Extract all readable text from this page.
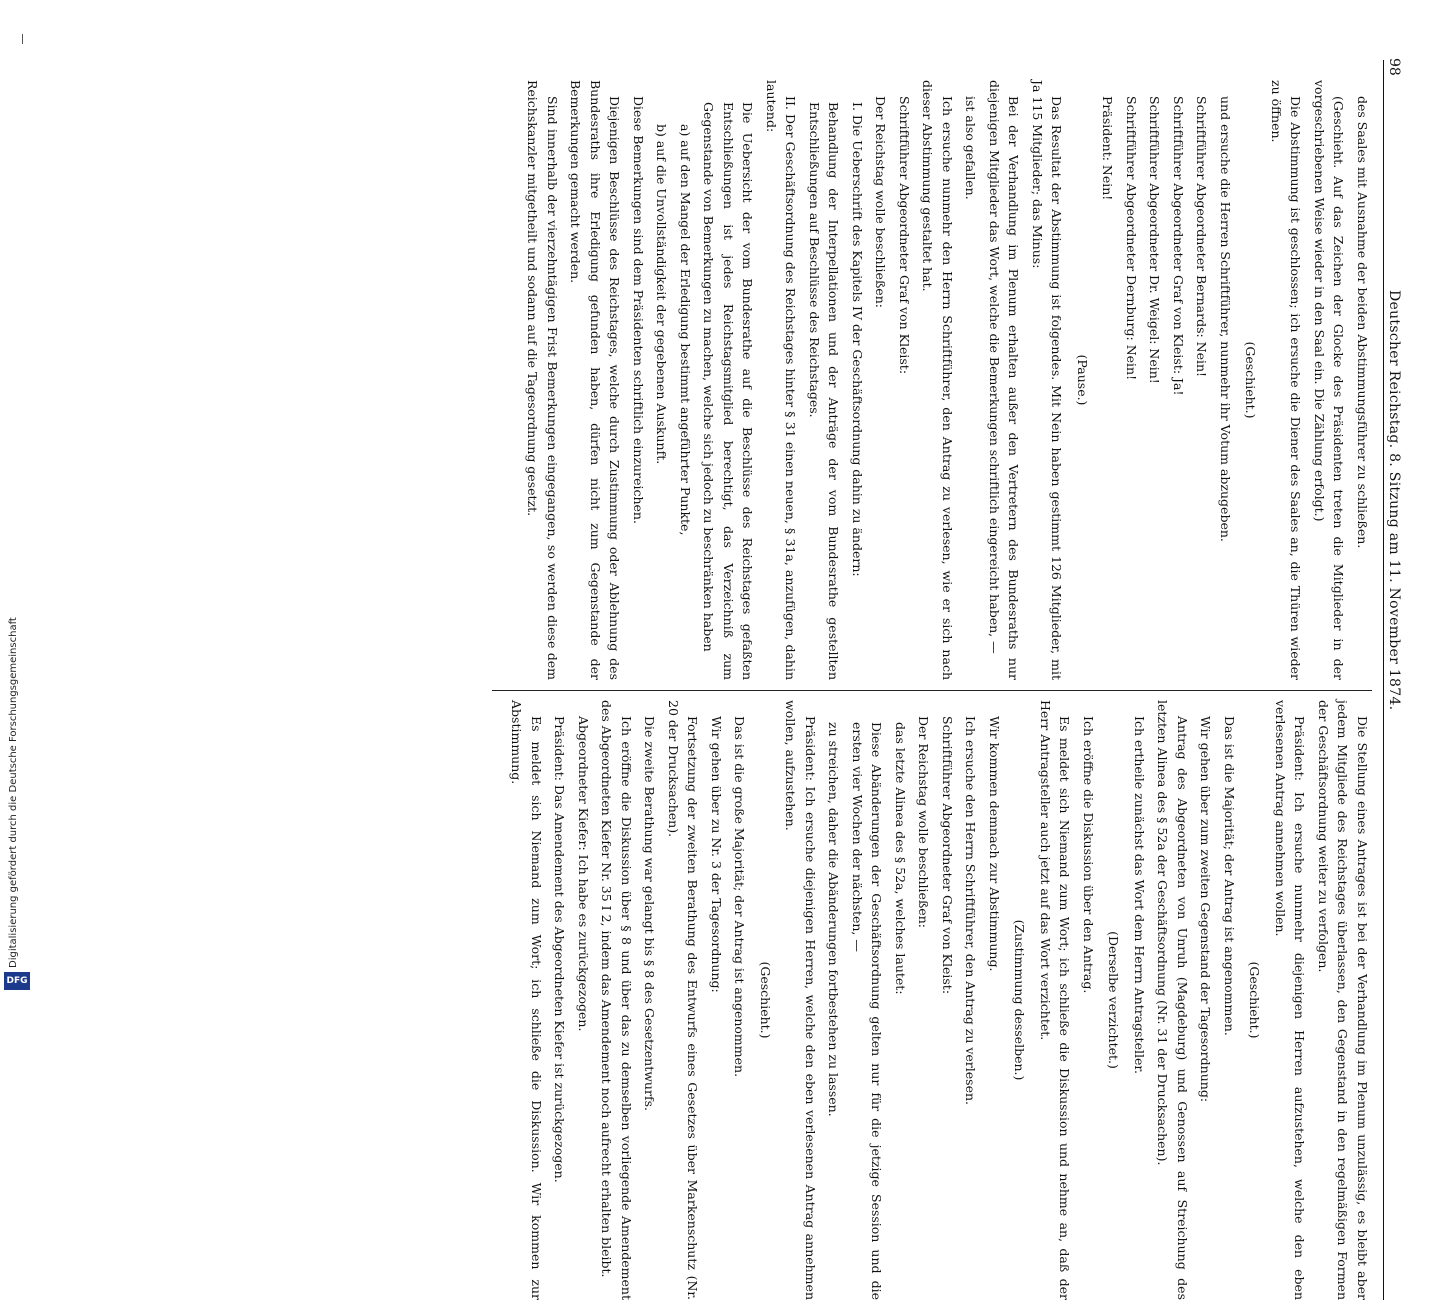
98
Deutscher Reichstag. 8. Sitzung am 11. November 1874.

des Saales mit Ausnahme der beiden Abstimmungsführer zu schließen.

(Geschieht. Auf das Zeichen der Glocke des Präsidenten treten die Mitglieder in der vorgeschriebenen Weise wieder in den Saal ein. Die Zählung erfolgt.)

Die Abstimmung ist geschlossen; ich ersuche die Diener des Saales an, die Thüren wieder zu öffnen.

(Geschieht.)

und ersuche die Herren Schriftführer, nunmehr ihr Votum abzugeben.

Schriftführer Abgeordneter Bernards: Nein!

Schriftführer Abgeordneter Graf von Kleist: Ja!

Schriftführer Abgeordneter Dr. Weigel: Nein!

Schriftführer Abgeordneter Dernburg: Nein!

Präsident: Nein!

(Pause.)

Das Resultat der Abstimmung ist folgendes. Mit Nein haben gestimmt 126 Mitglieder, mit Ja 115 Mitglieder; das Minus:

Bei der Verhandlung im Plenum erhalten außer den Vertretern des Bundesraths nur diejenigen Mitglieder das Wort, welche die Bemerkungen schriftlich eingereicht haben, —

ist also gefallen.

Ich ersuche nunmehr den Herrn Schriftführer, den Antrag zu verlesen, wie er sich nach dieser Abstimmung gestaltet hat.

Schriftführer Abgeordneter Graf von Kleist:

Der Reichstag wolle beschließen:

I. Die Ueberschrift des Kapitels IV der Geschäftsordnung dahin zu ändern:

Behandlung der Interpellationen und der Anträge der vom Bundesrathe gestellten Entschließungen auf Beschlüsse des Reichstages.

II. Der Geschäftsordnung des Reichstages hinter § 31 einen neuen, § 31a, anzufügen, dahin lautend:

Die Uebersicht der vom Bundesrathe auf die Beschlüsse des Reichstages gefaßten Entschließungen ist jedes Reichstagsmitglied berechtigt, das Verzeichniß zum Gegenstande von Bemerkungen zu machen, welche sich jedoch zu beschränken haben

a) auf den Mangel der Erledigung bestimmt angeführter Punkte,

b) auf die Unvollständigkeit der gegebenen Auskunft.

Diese Bemerkungen sind dem Präsidenten schriftlich einzureichen.

Diejenigen Beschlüsse des Reichstages, welche durch Zustimmung oder Ablehnung des Bundesraths ihre Erledigung gefunden haben, dürfen nicht zum Gegenstande der Bemerkungen gemacht werden.

Sind innerhalb der vierzehntägigen Frist Bemerkungen eingegangen, so werden diese dem Reichskanzler mitgetheilt und sodann auf die Tagesordnung gesetzt.

Die Stellung eines Antrages ist bei der Verhandlung im Plenum unzulässig, es bleibt aber jedem Mitgliede des Reichstages überlassen, den Gegenstand in den regelmäßigen Formen der Geschäftsordnung weiter zu verfolgen.

Präsident: Ich ersuche nunmehr diejenigen Herren aufzustehen, welche den eben verlesenen Antrag annehmen wollen.

(Geschieht.)

Das ist die Majorität; der Antrag ist angenommen.

Wir gehen über zum zweiten Gegenstand der Tagesordnung:

Antrag des Abgeordneten von Unruh (Magdeburg) und Genossen auf Streichung des letzten Alinea des § 52a der Geschäftsordnung (Nr. 31 der Drucksachen).

Ich ertheile zunächst das Wort dem Herrn Antragsteller.

(Derselbe verzichtet.)

Ich eröffne die Diskussion über den Antrag.

Es meldet sich Niemand zum Wort; ich schließe die Diskussion und nehme an, daß der Herr Antragsteller auch jetzt auf das Wort verzichtet.

(Zustimmung desselben.)

Wir kommen demnach zur Abstimmung.

Ich ersuche den Herrn Schriftführer, den Antrag zu verlesen.

Schriftführer Abgeordneter Graf von Kleist:

Der Reichstag wolle beschließen:

das letzte Alinea des § 52a, welches lautet:

Diese Abänderungen der Geschäftsordnung gelten nur für die jetzige Session und die ersten vier Wochen der nächsten, —

zu streichen, daher die Abänderungen fortbestehen zu lassen.

Präsident: Ich ersuche diejenigen Herren, welche den eben verlesenen Antrag annehmen wollen, aufzustehen.

(Geschieht.)

Das ist die große Majorität; der Antrag ist angenommen.

Wir gehen über zu Nr. 3 der Tagesordnung:

Fortsetzung der zweiten Berathung des Entwurfs eines Gesetzes über Markenschutz (Nr. 20 der Drucksachen).

Die zweite Berathung war gelangt bis § 8 des Gesetzentwurfs.

Ich eröffne die Diskussion über § 8 und über das zu demselben vorliegende Amendement des Abgeordneten Kiefer Nr. 35 I 2, indem das Amendement noch aufrecht erhalten bleibt.

Abgeordneter Kiefer: Ich habe es zurückgezogen.

Präsident: Das Amendement des Abgeordneten Kiefer ist zurückgezogen.

Es meldet sich Niemand zum Wort; ich schließe die Diskussion. Wir kommen zur Abstimmung.

DFG
Digitalisierung gefördert durch die Deutsche Forschungsgemeinschaft
